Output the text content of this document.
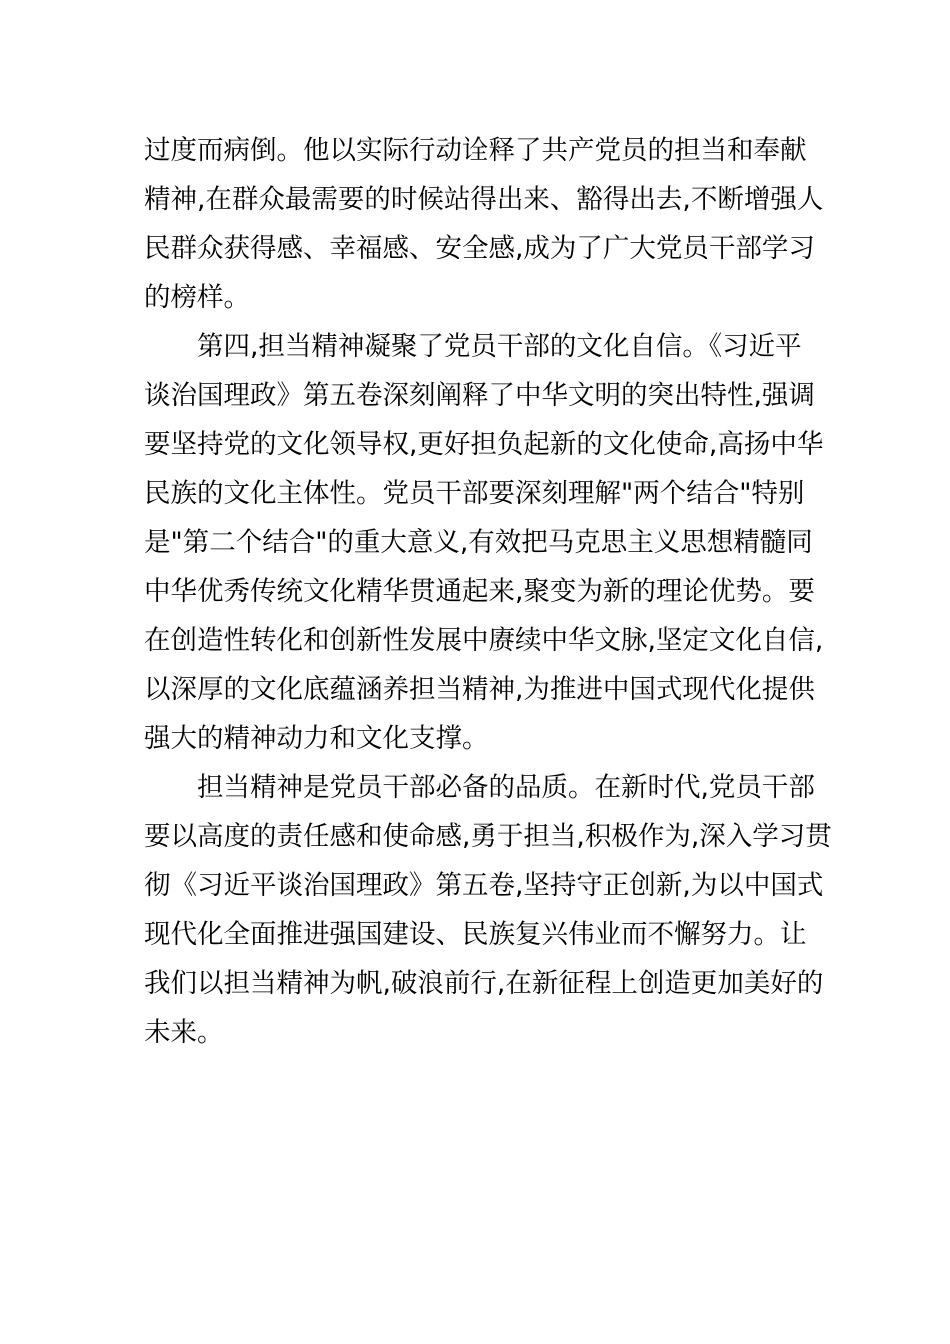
过度而病倒。他以实际行动诠释了共产党员的担当和奉献
精神,在群众最需要的时候站得出来、豁得出去,不断增强人
民群众获得感、幸福感、安全感,成为了广大党员干部学习
的榜样。
第四,担当精神凝聚了党员干部的文化自信。《习近平
谈治国理政》第五卷深刻阐释了中华文明的突出特性,强调
要坚持党的文化领导权,更好担负起新的文化使命,高扬中华
民族的文化主体性。党员干部要深刻理解"两个结合"特别
是"第二个结合"的重大意义,有效把马克思主义思想精髓同
中华优秀传统文化精华贯通起来,聚变为新的理论优势。要
在创造性转化和创新性发展中赓续中华文脉,坚定文化自信,
以深厚的文化底蕴涵养担当精神,为推进中国式现代化提供
强大的精神动力和文化支撑。
担当精神是党员干部必备的品质。在新时代,党员干部
要以高度的责任感和使命感,勇于担当,积极作为,深入学习贯
彻《习近平谈治国理政》第五卷,坚持守正创新,为以中国式
现代化全面推进强国建设、民族复兴伟业而不懈努力。让
我们以担当精神为帆,破浪前行,在新征程上创造更加美好的
未来。
